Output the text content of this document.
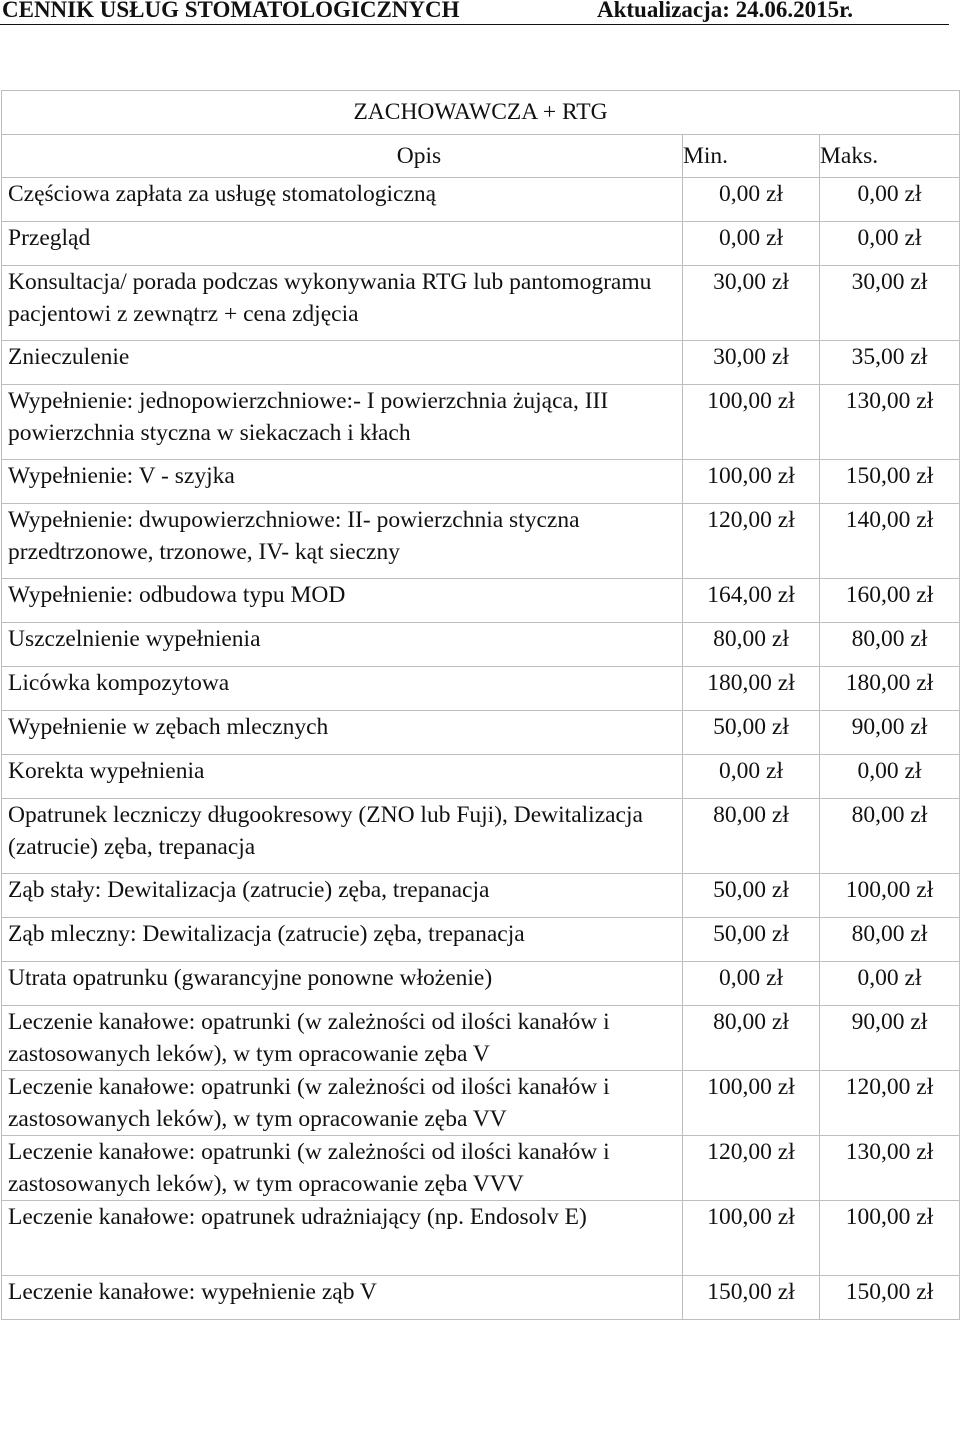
CENNIK USŁUG STOMATOLOGICZNYCH	Aktualizacja: 24.06.2015r.
ZACHOWAWCZA + RTG		
Opis	Min.	Maks.
Częściowa zapłata za usługę stomatologiczną	0,00 zł	0,00 zł
Przegląd	0,00 zł	0,00 zł
Konsultacja/ porada podczas wykonywania RTG lub pantomogramu pacjentowi z zewnątrz + cena zdjęcia	30,00 zł	30,00 zł
Znieczulenie	30,00 zł	35,00 zł
Wypełnienie: jednopowierzchniowe:- I powierzchnia żująca, III powierzchnia styczna w siekaczach i kłach	100,00 zł	130,00 zł
Wypełnienie: V - szyjka	100,00 zł	150,00 zł
Wypełnienie: dwupowierzchniowe: II- powierzchnia styczna przedtrzonowe, trzonowe, IV- kąt sieczny	120,00 zł	140,00 zł
Wypełnienie: odbudowa typu MOD	164,00 zł	160,00 zł
Uszczelnienie wypełnienia	80,00 zł	80,00 zł
Licówka kompozytowa	180,00 zł	180,00 zł
Wypełnienie w zębach mlecznych	50,00 zł	90,00 zł
Korekta wypełnienia	0,00 zł	0,00 zł
Opatrunek leczniczy długookresowy (ZNO lub Fuji), Dewitalizacja (zatrucie) zęba, trepanacja	80,00 zł	80,00 zł
Ząb stały: Dewitalizacja (zatrucie) zęba, trepanacja	50,00 zł	100,00 zł
Ząb mleczny: Dewitalizacja (zatrucie) zęba, trepanacja	50,00 zł	80,00 zł
Utrata opatrunku (gwarancyjne ponowne włożenie)	0,00 zł	0,00 zł
Leczenie kanałowe: opatrunki (w zależności od ilości kanałów i zastosowanych leków), w tym opracowanie zęba V	80,00 zł	90,00 zł
Leczenie kanałowe: opatrunki (w zależności od ilości kanałów i zastosowanych leków), w tym opracowanie zęba VV	100,00 zł	120,00 zł
Leczenie kanałowe: opatrunki (w zależności od ilości kanałów i zastosowanych leków), w tym opracowanie zęba VVV	120,00 zł	130,00 zł
Leczenie kanałowe: opatrunek udrażniający (np. Endosolv E)	100,00 zł	100,00 zł
Leczenie kanałowe: wypełnienie ząb V	150,00 zł	150,00 zł
